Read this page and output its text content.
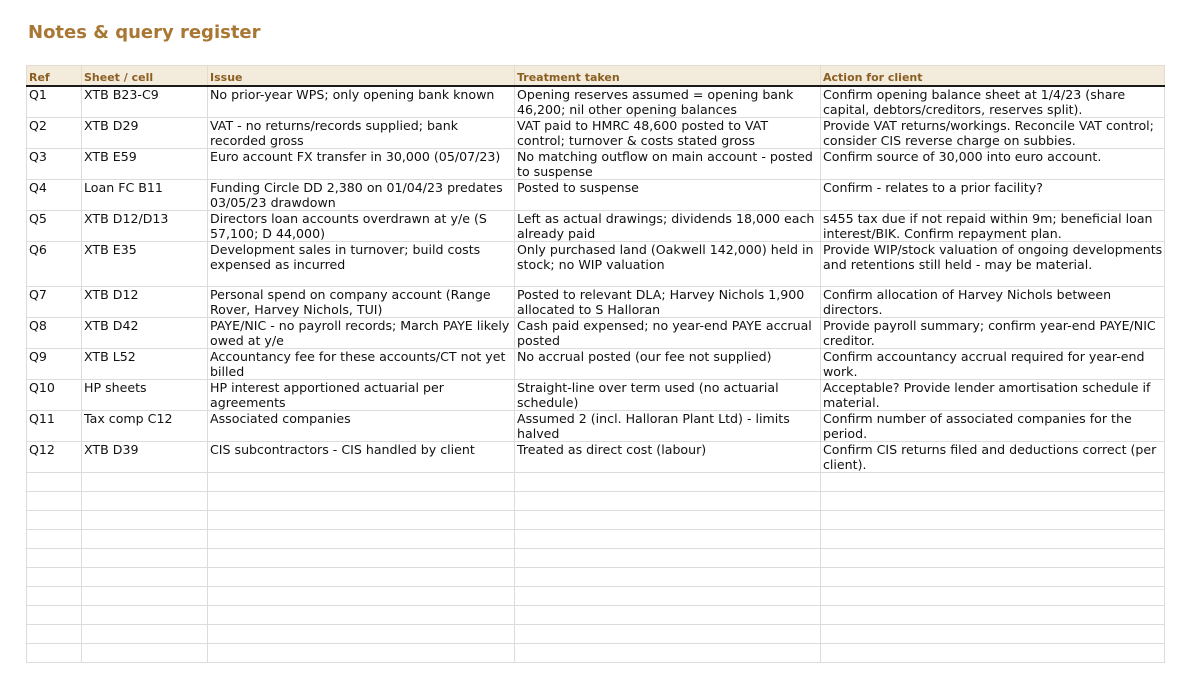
Notes & query register
Ref	Sheet / cell	Issue	Treatment taken	Action for client
Q1	XTB B23-C9	No prior-year WPS; only opening bank known	Opening reserves assumed = opening bank 46,200; nil other opening balances	Confirm opening balance sheet at 1/4/23 (share capital, debtors/creditors, reserves split).
Q2	XTB D29	VAT - no returns/records supplied; bank recorded gross	VAT paid to HMRC 48,600 posted to VAT control; turnover & costs stated gross	Provide VAT returns/workings. Reconcile VAT control; consider CIS reverse charge on subbies.
Q3	XTB E59	Euro account FX transfer in 30,000 (05/07/23)	No matching outflow on main account - posted to suspense	Confirm source of 30,000 into euro account.
Q4	Loan FC B11	Funding Circle DD 2,380 on 01/04/23 predates 03/05/23 drawdown	Posted to suspense	Confirm - relates to a prior facility?
Q5	XTB D12/D13	Directors loan accounts overdrawn at y/e (S 57,100; D 44,000)	Left as actual drawings; dividends 18,000 each already paid	s455 tax due if not repaid within 9m; beneficial loan interest/BIK. Confirm repayment plan.
Q6	XTB E35	Development sales in turnover; build costs expensed as incurred	Only purchased land (Oakwell 142,000) held in stock; no WIP valuation	Provide WIP/stock valuation of ongoing developments and retentions still held - may be material.
Q7	XTB D12	Personal spend on company account (Range Rover, Harvey Nichols, TUI)	Posted to relevant DLA; Harvey Nichols 1,900 allocated to S Halloran	Confirm allocation of Harvey Nichols between directors.
Q8	XTB D42	PAYE/NIC - no payroll records; March PAYE likely owed at y/e	Cash paid expensed; no year-end PAYE accrual posted	Provide payroll summary; confirm year-end PAYE/NIC creditor.
Q9	XTB L52	Accountancy fee for these accounts/CT not yet billed	No accrual posted (our fee not supplied)	Confirm accountancy accrual required for year-end work.
Q10	HP sheets	HP interest apportioned actuarial per agreements	Straight-line over term used (no actuarial schedule)	Acceptable? Provide lender amortisation schedule if material.
Q11	Tax comp C12	Associated companies	Assumed 2 (incl. Halloran Plant Ltd) - limits halved	Confirm number of associated companies for the period.
Q12	XTB D39	CIS subcontractors - CIS handled by client	Treated as direct cost (labour)	Confirm CIS returns filed and deductions correct (per client).
